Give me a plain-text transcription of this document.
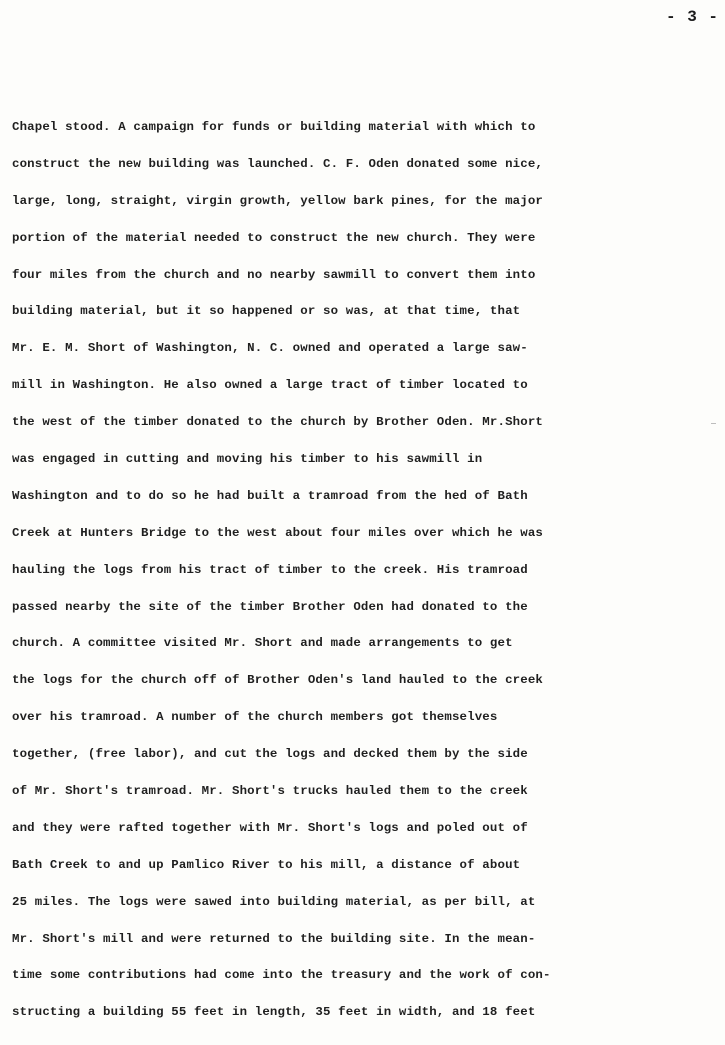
- 3 -
Chapel stood. A campaign for funds or building material with which to
construct the new building was launched. C. F. Oden donated some nice,
large, long, straight, virgin growth, yellow bark pines, for the major
portion of the material needed to construct the new church. They were
four miles from the church and no nearby sawmill to convert them into
building material, but it so happened or so was, at that time, that
Mr. E. M. Short of Washington, N. C. owned and operated a large saw-
mill in Washington. He also owned a large tract of timber located to
the west of the timber donated to the church by Brother Oden. Mr.Short
was engaged in cutting and moving his timber to his sawmill in
Washington and to do so he had built a tramroad from the hed of Bath
Creek at Hunters Bridge to the west about four miles over which he was
hauling the logs from his tract of timber to the creek. His tramroad
passed nearby the site of the timber Brother Oden had donated to the
church. A committee visited Mr. Short and made arrangements to get
the logs for the church off of Brother Oden's land hauled to the creek
over his tramroad. A number of the church members got themselves
together, (free labor), and cut the logs and decked them by the side
of Mr. Short's tramroad. Mr. Short's trucks hauled them to the creek
and they were rafted together with Mr. Short's logs and poled out of
Bath Creek to and up Pamlico River to his mill, a distance of about
25 miles. The logs were sawed into building material, as per bill, at
Mr. Short's mill and were returned to the building site. In the mean-
time some contributions had come into the treasury and the work of con-
structing a building 55 feet in length, 35 feet in width, and 18 feet
